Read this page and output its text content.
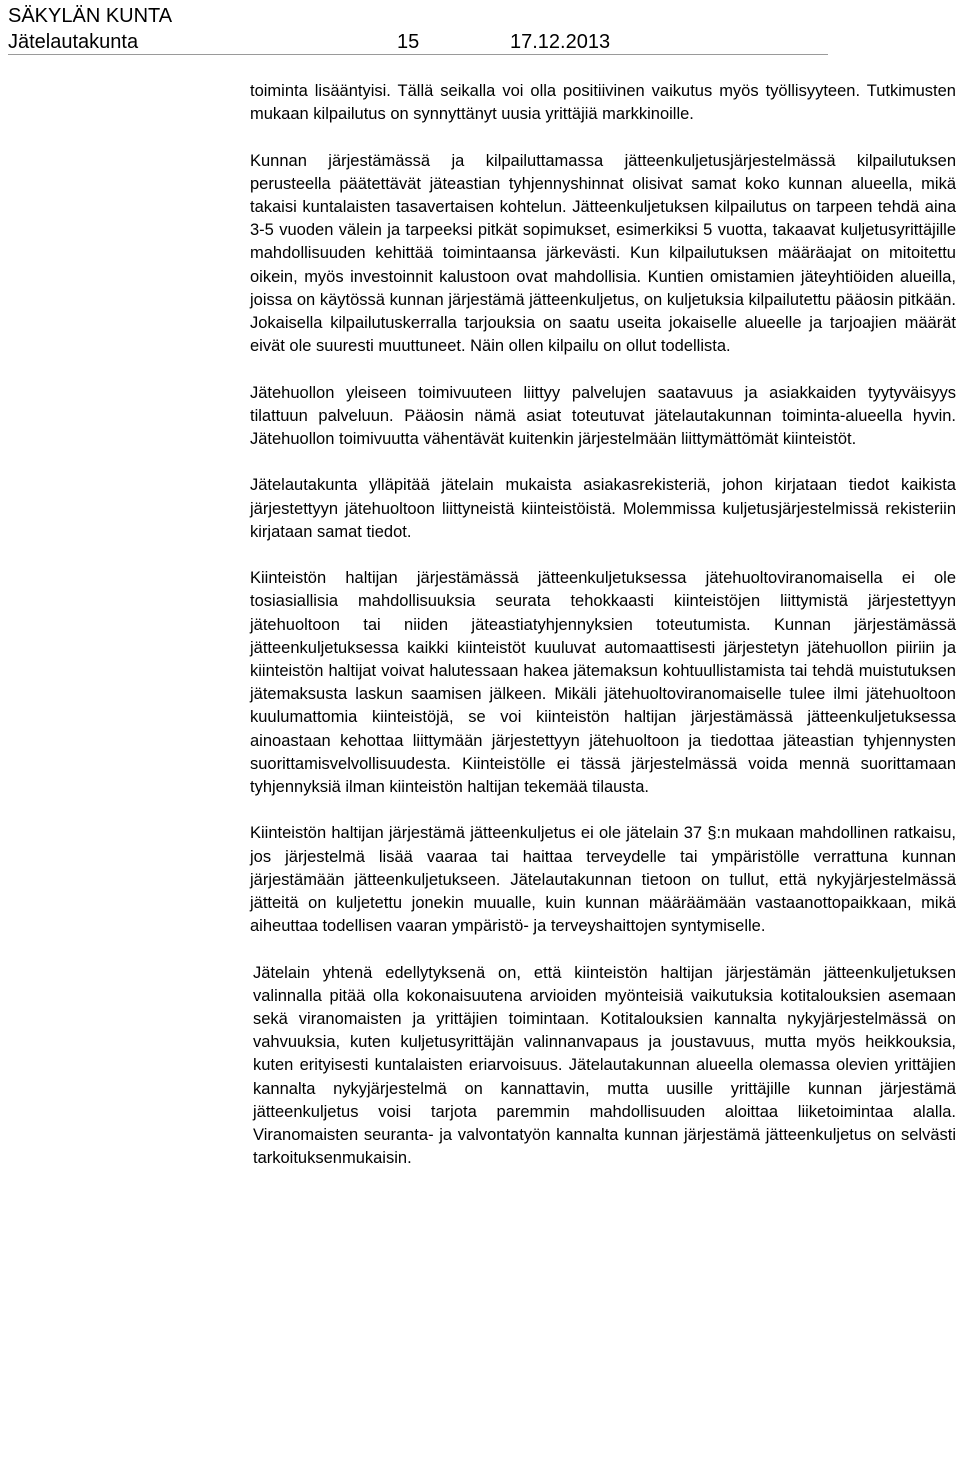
SÄKYLÄN KUNTA
Jätelautakunta	15	17.12.2013

toiminta lisääntyisi. Tällä seikalla voi olla positiivinen vaikutus myös työllisyyteen. Tutkimusten mukaan kilpailutus on synnyttänyt uusia yrittäjiä markkinoille.

Kunnan järjestämässä ja kilpailuttamassa jätteenkuljetusjärjestelmässä kilpailutuksen perusteella päätettävät jäteastian tyhjennyshinnat olisivat samat koko kunnan alueella, mikä takaisi kuntalaisten tasavertaisen kohtelun. Jätteenkuljetuksen kilpailutus on tarpeen tehdä aina 3-5 vuoden välein ja tarpeeksi pitkät sopimukset, esimerkiksi 5 vuotta, takaavat kuljetusyrittäjille mahdollisuuden kehittää toimintaansa järkevästi. Kun kilpailutuksen määräajat on mitoitettu oikein, myös investoinnit kalustoon ovat mahdollisia. Kuntien omistamien jäteyhtiöiden alueilla, joissa on käytössä kunnan järjestämä jätteenkuljetus, on kuljetuksia kilpailutettu pääosin pitkään. Jokaisella kilpailutuskerralla tarjouksia on saatu useita jokaiselle alueelle ja tarjoajien määrät eivät ole suuresti muuttuneet. Näin ollen kilpailu on ollut todellista.

Jätehuollon yleiseen toimivuuteen liittyy palvelujen saatavuus ja asiakkaiden tyytyväisyys tilattuun palveluun. Pääosin nämä asiat toteutuvat jätelautakunnan toiminta-alueella hyvin. Jätehuollon toimivuutta vähentävät kuitenkin järjestelmään liittymättömät kiinteistöt.

Jätelautakunta ylläpitää jätelain mukaista asiakasrekisteriä, johon kirjataan tiedot kaikista järjestettyyn jätehuoltoon liittyneistä kiinteistöistä. Molemmissa kuljetusjärjestelmissä rekisteriin kirjataan samat tiedot.

Kiinteistön haltijan järjestämässä jätteenkuljetuksessa jätehuoltoviranomaisella ei ole tosiasiallisia mahdollisuuksia seurata tehokkaasti kiinteistöjen liittymistä järjestettyyn jätehuoltoon tai niiden jäteastiatyhjennyksien toteutumista. Kunnan järjestämässä jätteenkuljetuksessa kaikki kiinteistöt kuuluvat automaattisesti järjestetyn jätehuollon piiriin ja kiinteistön haltijat voivat halutessaan hakea jätemaksun kohtuullistamista tai tehdä muistutuksen jätemaksusta laskun saamisen jälkeen. Mikäli jätehuoltoviranomaiselle tulee ilmi jätehuoltoon kuulumattomia kiinteistöjä, se voi kiinteistön haltijan järjestämässä jätteenkuljetuksessa ainoastaan kehottaa liittymään järjestettyyn jätehuoltoon ja tiedottaa jäteastian tyhjennysten suorittamisvelvollisuudesta. Kiinteistölle ei tässä järjestelmässä voida mennä suorittamaan tyhjennyksiä ilman kiinteistön haltijan tekemää tilausta.

Kiinteistön haltijan järjestämä jätteenkuljetus ei ole jätelain 37 §:n mukaan mahdollinen ratkaisu, jos järjestelmä lisää vaaraa tai haittaa terveydelle tai ympäristölle verrattuna kunnan järjestämään jätteenkuljetukseen. Jätelautakunnan tietoon on tullut, että nykyjärjestelmässä jätteitä on kuljetettu jonekin muualle, kuin kunnan määräämään vastaanottopaikkaan, mikä aiheuttaa todellisen vaaran ympäristö- ja terveyshaittojen syntymiselle.

Jätelain yhtenä edellytyksenä on, että kiinteistön haltijan järjestämän jätteenkuljetuksen valinnalla pitää olla kokonaisuutena arvioiden myönteisiä vaikutuksia kotitalouksien asemaan sekä viranomaisten ja yrittäjien toimintaan. Kotitalouksien kannalta nykyjärjestelmässä on vahvuuksia, kuten kuljetusyrittäjän valinnanvapaus ja joustavuus, mutta myös heikkouksia, kuten erityisesti kuntalaisten eriarvoisuus. Jätelautakunnan alueella olemassa olevien yrittäjien kannalta nykyjärjestelmä on kannattavin, mutta uusille yrittäjille kunnan järjestämä jätteenkuljetus voisi tarjota paremmin mahdollisuuden aloittaa liiketoimintaa alalla. Viranomaisten seuranta- ja valvontatyön kannalta kunnan järjestämä jätteenkuljetus on selvästi tarkoituksenmukaisin.
